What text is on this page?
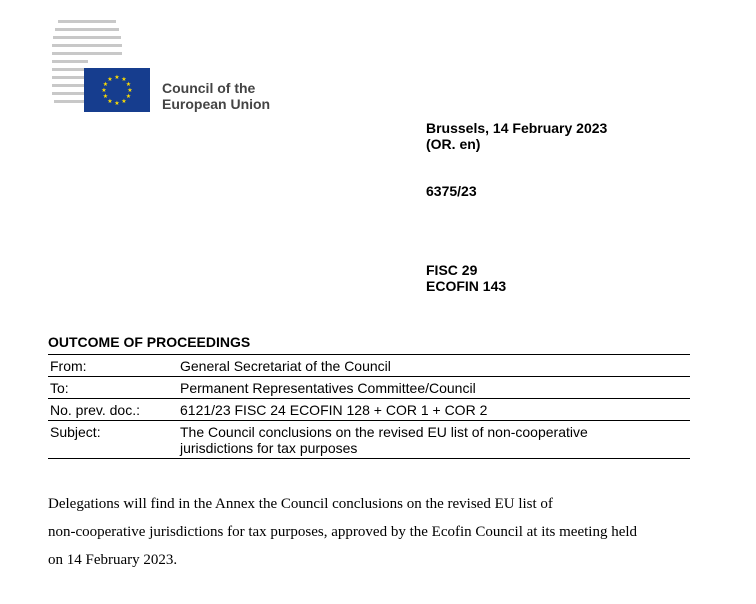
★ ★
★
★
★
★
★
★
★
★
★
★
Council of the
European Union
Brussels, 14 February 2023
(OR. en)
6375/23
FISC 29
ECOFIN 143
OUTCOME OF PROCEEDINGS
From:	General Secretariat of the Council
To:	Permanent Representatives Committee/Council
No. prev. doc.:	6121/23 FISC 24 ECOFIN 128 + COR 1 + COR 2
Subject:	The Council conclusions on the revised EU list of non-cooperative
jurisdictions for tax purposes
Delegations will find in the Annex the Council conclusions on the revised EU list of
non-cooperative jurisdictions for tax purposes, approved by the Ecofin Council at its meeting held
on 14 February 2023.
